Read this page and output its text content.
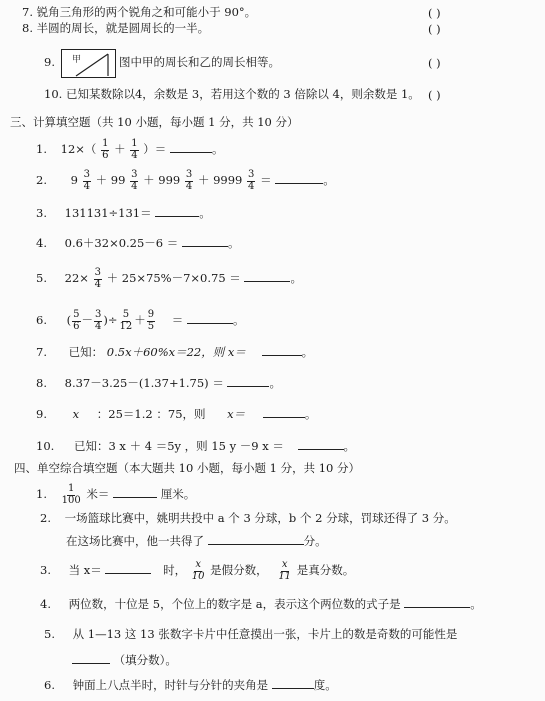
7. 锐角三角形的两个锐角之和可能小于 90°。	( )
8. 半圆的周长，就是圆周长的一半。	( )
9. 甲	图中甲的周长和乙的周长相等。	( )
10. 已知某数除以4，余数是 3，若用这个数的 3 倍除以 4，则余数是 1。 ( )
三、计算填空题（共 10 小题，每小题 1 分，共 10 分）
1. $12\times( \frac{1}{6} + \frac{1}{4}$ ）＝	。
2. $9 \frac{3}{4} + 99 \frac{3}{4} + 999 \frac{3}{4} + 9999 \frac{3}{4}$ ＝	。
3. 131131÷131＝	。
4. 0.6＋32×0.25－6 ＝	。
5. $22\times \frac{3}{4} + 25\times 75\%-7\times 0.75$ ＝	。
6. ( $\frac{5}{6} - \frac{3}{4}$ )÷ $\frac{5}{12} + \frac{9}{5}$ ＝	。
7. 已知： 0.5x＋60%x＝22，则 x＝	。
8. 8.37－3.25－(1.37+1.75) ＝	。
9. x ：25＝1.2 ：75，则 x＝	。
10. 已知：3 x ＋ 4 ＝5y ，则 15 y －9 x ＝	。
四、单空综合填空题（本大题共 10 小题，每小题 1 分，共 10 分）
1. $\frac{1}{100}$ 米＝	厘米。
2. 一场篮球比赛中，姚明共投中 a 个 3 分球，b 个 2 分球，罚球还得了 3 分。
在这场比赛中，他一共得了	分。
3. 当 x＝	时， $\frac{x}{10}$ 是假分数， $\frac{x}{11}$ 是真分数。
4. 两位数，十位是 5，个位上的数字是 a，表示这个两位数的式子是	。
5. 从 1—13 这 13 张数字卡片中任意摸出一张，卡片上的数是奇数的可能性是
（填分数）。
6. 钟面上八点半时，时针与分针的夹角是	度。
